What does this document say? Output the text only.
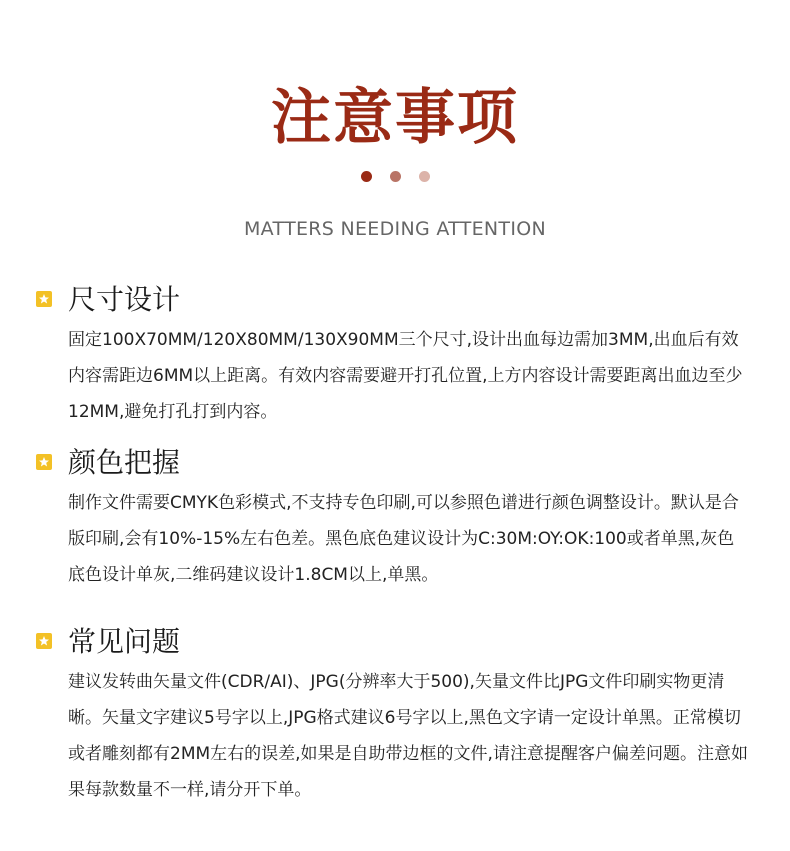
注意事项

MATTERS NEEDING ATTENTION
尺寸设计
固定100X70MM/120X80MM/130X90MM三个尺寸,设计出血每边需加3MM,出血后有效内容需距边6MM以上距离。有效内容需要避开打孔位置,上方内容设计需要距离出血边至少12MM,避免打孔打到内容。
颜色把握
制作文件需要CMYK色彩模式,不支持专色印刷,可以参照色谱进行颜色调整设计。默认是合版印刷,会有10%-15%左右色差。黑色底色建议设计为C:30M:OY:OK:100或者单黑,灰色底色设计单灰,二维码建议设计1.8CM以上,单黑。
常见问题
建议发转曲矢量文件(CDR/AI)、JPG(分辨率大于500),矢量文件比JPG文件印刷实物更清晰。矢量文字建议5号字以上,JPG格式建议6号字以上,黑色文字请一定设计单黑。正常模切或者雕刻都有2MM左右的误差,如果是自助带边框的文件,请注意提醒客户偏差问题。注意如果每款数量不一样,请分开下单。
